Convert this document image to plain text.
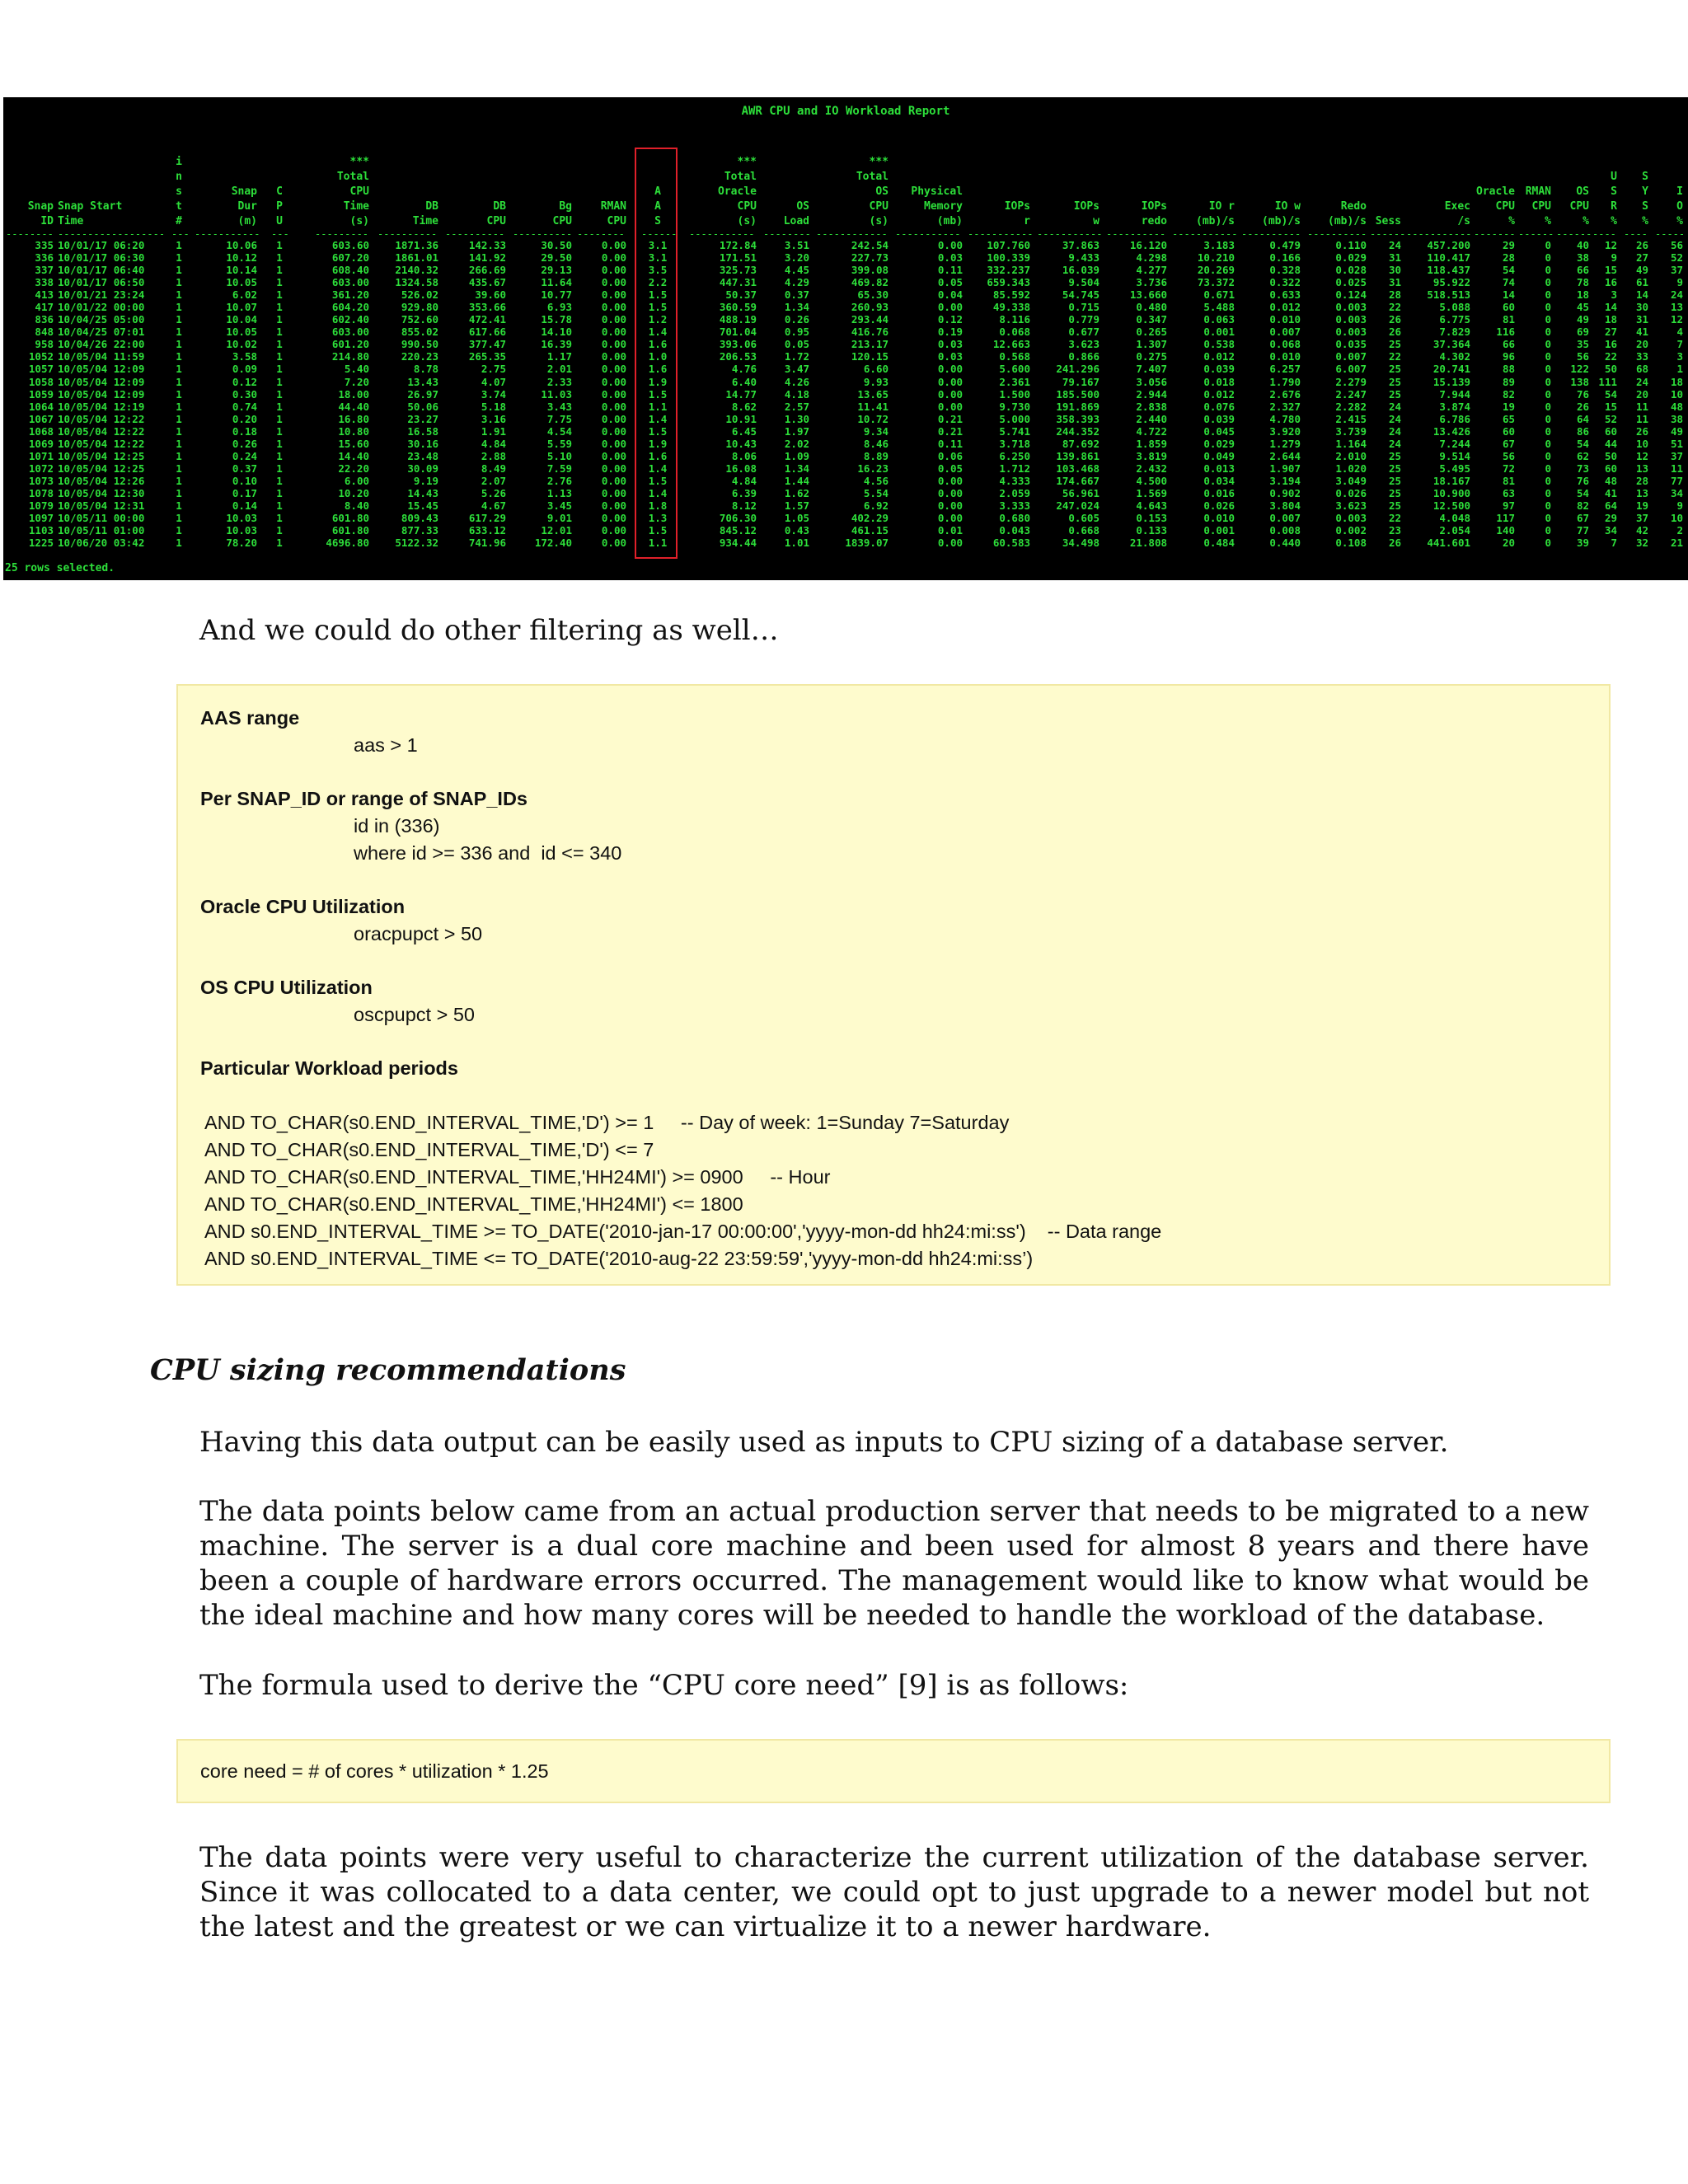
AWR CPU and IO Workload Report
Snap
ID
--------
335
336
337
338
413
417
836
848
958
1052
1057
1058
1059
1064
1067
1068
1069
1071
1072
1073
1078
1079
1097
1103
1225
Snap Start
Time
------------------
10/01/17 06:20
10/01/17 06:30
10/01/17 06:40
10/01/17 06:50
10/01/21 23:24
10/01/22 00:00
10/04/25 05:00
10/04/25 07:01
10/04/26 22:00
10/05/04 11:59
10/05/04 12:09
10/05/04 12:09
10/05/04 12:09
10/05/04 12:19
10/05/04 12:22
10/05/04 12:22
10/05/04 12:22
10/05/04 12:25
10/05/04 12:25
10/05/04 12:26
10/05/04 12:30
10/05/04 12:31
10/05/11 00:00
10/05/11 01:00
10/06/20 03:42
i
n
s
t
#
---
1
1
1
1
1
1
1
1
1
1
1
1
1
1
1
1
1
1
1
1
1
1
1
1
1
Snap
Dur
(m)
-----------
10.06
10.12
10.14
10.05
6.02
10.07
10.04
10.05
10.02
3.58
0.09
0.12
0.30
0.74
0.20
0.18
0.26
0.24
0.37
0.10
0.17
0.14
10.03
10.03
78.20
C
P
U
---
1
1
1
1
1
1
1
1
1
1
1
1
1
1
1
1
1
1
1
1
1
1
1
1
1
***
Total
CPU
Time
(s)
---------
603.60
607.20
608.40
603.00
361.20
604.20
602.40
603.00
601.20
214.80
5.40
7.20
18.00
44.40
16.80
10.80
15.60
14.40
22.20
6.00
10.20
8.40
601.80
601.80
4696.80
DB
Time
----------
1871.36
1861.01
2140.32
1324.58
526.02
929.80
752.60
855.02
990.50
220.23
8.78
13.43
26.97
50.06
23.27
16.58
30.16
23.48
30.09
9.19
14.43
15.45
809.43
877.33
5122.32
DB
CPU
----------
142.33
141.92
266.69
435.67
39.60
353.66
472.41
617.66
377.47
265.35
2.75
4.07
3.74
5.18
3.16
1.91
4.84
2.88
8.49
2.07
5.26
4.67
617.29
633.12
741.96
Bg
CPU
----------
30.50
29.50
29.13
11.64
10.77
6.93
15.78
14.10
16.39
1.17
2.01
2.33
11.03
3.43
7.75
4.54
5.59
5.10
7.59
2.76
1.13
3.45
9.01
12.01
172.40
RMAN
CPU
--------
0.00
0.00
0.00
0.00
0.00
0.00
0.00
0.00
0.00
0.00
0.00
0.00
0.00
0.00
0.00
0.00
0.00
0.00
0.00
0.00
0.00
0.00
0.00
0.00
0.00
A
A
S
------
3.1
3.1
3.5
2.2
1.5
1.5
1.2
1.4
1.6
1.0
1.6
1.9
1.5
1.1
1.4
1.5
1.9
1.6
1.4
1.5
1.4
1.8
1.3
1.5
1.1
***
Total
Oracle
CPU
(s)
-----------
172.84
171.51
325.73
447.31
50.37
360.59
488.19
701.04
393.06
206.53
4.76
6.40
14.77
8.62
10.91
6.45
10.43
8.06
16.08
4.84
6.39
8.12
706.30
845.12
934.44
OS
Load
--------
3.51
3.20
4.45
4.29
0.37
1.34
0.26
0.95
0.05
1.72
3.47
4.26
4.18
2.57
1.30
1.97
2.02
1.09
1.34
1.44
1.62
1.57
1.05
0.43
1.01
***
Total
OS
CPU
(s)
------------
242.54
227.73
399.08
469.82
65.30
260.93
293.44
416.76
213.17
120.15
6.60
9.93
13.65
11.41
10.72
9.34
8.46
8.89
16.23
4.56
5.54
6.92
402.29
461.15
1839.07
Physical
Memory
(mb)
-----------
0.00
0.03
0.11
0.05
0.04
0.00
0.12
0.19
0.03
0.03
0.00
0.00
0.00
0.00
0.21
0.21
0.11
0.06
0.05
0.00
0.00
0.00
0.00
0.01
0.00
IOPs
r
-----------
107.760
100.339
332.237
659.343
85.592
49.338
8.116
0.068
12.663
0.568
5.600
2.361
1.500
9.730
5.000
5.741
3.718
6.250
1.712
4.333
2.059
3.333
0.680
0.043
60.583
IOPs
w
-----------
37.863
9.433
16.039
9.504
54.745
0.715
0.779
0.677
3.623
0.866
241.296
79.167
185.500
191.869
358.393
244.352
87.692
139.861
103.468
174.667
56.961
247.024
0.605
0.668
34.498
IOPs
redo
----------
16.120
4.298
4.277
3.736
13.660
0.480
0.347
0.265
1.307
0.275
7.407
3.056
2.944
2.838
2.440
4.722
1.859
3.819
2.432
4.500
1.569
4.643
0.153
0.133
21.808
IO r
(mb)/s
-----------
3.183
10.210
20.269
73.372
0.671
5.488
0.063
0.001
0.538
0.012
0.039
0.018
0.012
0.076
0.039
0.045
0.029
0.049
0.013
0.034
0.016
0.026
0.010
0.001
0.484
IO w
(mb)/s
----------
0.479
0.166
0.328
0.322
0.633
0.012
0.010
0.007
0.068
0.010
6.257
1.790
2.676
2.327
4.780
3.920
1.279
2.644
1.907
3.194
0.902
3.804
0.007
0.008
0.440
Redo
(mb)/s
----------
0.110
0.029
0.028
0.025
0.124
0.003
0.003
0.003
0.035
0.007
6.007
2.279
2.247
2.282
2.415
3.739
1.164
2.010
1.020
3.049
0.026
3.623
0.003
0.002
0.108
Sess
------
24
31
30
31
28
22
26
26
25
22
25
25
25
24
24
24
24
25
25
25
25
25
22
23
26
Exec
/s
-----------
457.200
110.417
118.437
95.922
518.513
5.088
6.775
7.829
37.364
4.302
20.741
15.139
7.944
3.874
6.786
13.426
7.244
9.514
5.495
18.167
10.900
12.500
4.048
2.054
441.601
Oracle
CPU
%
-------
29
28
54
74
14
60
81
116
66
96
88
89
82
19
65
60
67
56
72
81
63
97
117
140
20
RMAN
CPU
%
------
0
0
0
0
0
0
0
0
0
0
0
0
0
0
0
0
0
0
0
0
0
0
0
0
0
OS
CPU
%
------
40
38
66
78
18
45
49
69
35
56
122
138
76
26
64
86
54
62
73
76
54
82
67
77
39
U
S
R
%
----
12
9
15
16
3
14
18
27
16
22
50
111
54
15
52
60
44
50
60
48
41
64
29
34
7
S
Y
S
%
----
26
27
49
61
14
30
31
41
20
33
68
24
20
11
11
26
10
12
13
28
13
19
37
42
32
I
O
%
-----
56
52
37
9
24
13
12
4
7
3
1
18
10
48
38
49
51
37
11
77
34
9
10
2
21
25 rows selected.
And we could do other filtering as well…
AAS range
aas > 1
Per SNAP_ID or range of SNAP_IDs
id in (336)
where id >= 336 and  id <= 340
Oracle CPU Utilization
oracpupct > 50
OS CPU Utilization
oscpupct > 50
Particular Workload periods
AND TO_CHAR(s0.END_INTERVAL_TIME,'D') >= 1     -- Day of week: 1=Sunday 7=Saturday
AND TO_CHAR(s0.END_INTERVAL_TIME,'D') <= 7
AND TO_CHAR(s0.END_INTERVAL_TIME,'HH24MI') >= 0900     -- Hour
AND TO_CHAR(s0.END_INTERVAL_TIME,'HH24MI') <= 1800
AND s0.END_INTERVAL_TIME >= TO_DATE('2010-jan-17 00:00:00','yyyy-mon-dd hh24:mi:ss')    -- Data range
AND s0.END_INTERVAL_TIME <= TO_DATE('2010-aug-22 23:59:59','yyyy-mon-dd hh24:mi:ss’)
CPU sizing recommendations
Having this data output can be easily used as inputs to CPU sizing of a database server.
The data points below came from an actual production server that needs to be migrated to a new machine. The server is a dual core machine and been used for almost 8 years and there have been a couple of hardware errors occurred. The management would like to know what would be the ideal machine and how many cores will be needed to handle the workload of the database.
The formula used to derive the “CPU core need” [9] is as follows:
core need = # of cores * utilization * 1.25
The data points were very useful to characterize the current utilization of the database server. Since it was collocated to a data center, we could opt to just upgrade to a newer model but not the latest and the greatest or we can virtualize it to a newer hardware.
